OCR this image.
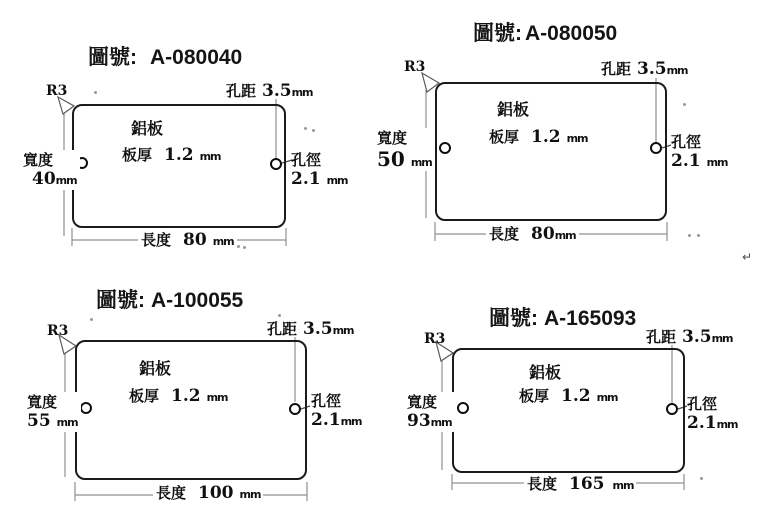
圖號: A-080040
R3	孔距 3.5mm
鋁板
板厚 1.2 mm
寬度
40mm
孔徑
2.1 mm
長度 80 mm
圖號: A-080050
R3	孔距 3.5mm
鋁板
板厚 1.2 mm
寬度
50 mm
孔徑
2.1 mm
長度 80mm
圖號: A-100055
R3	孔距 3.5mm
鋁板
板厚 1.2 mm
寬度
55 mm
孔徑
2.1mm
長度 100 mm
圖號: A-165093
R3	孔距 3.5mm
鋁板
板厚 1.2 mm
寬度
93mm
孔徑
2.1mm
長度 165 mm
↵
